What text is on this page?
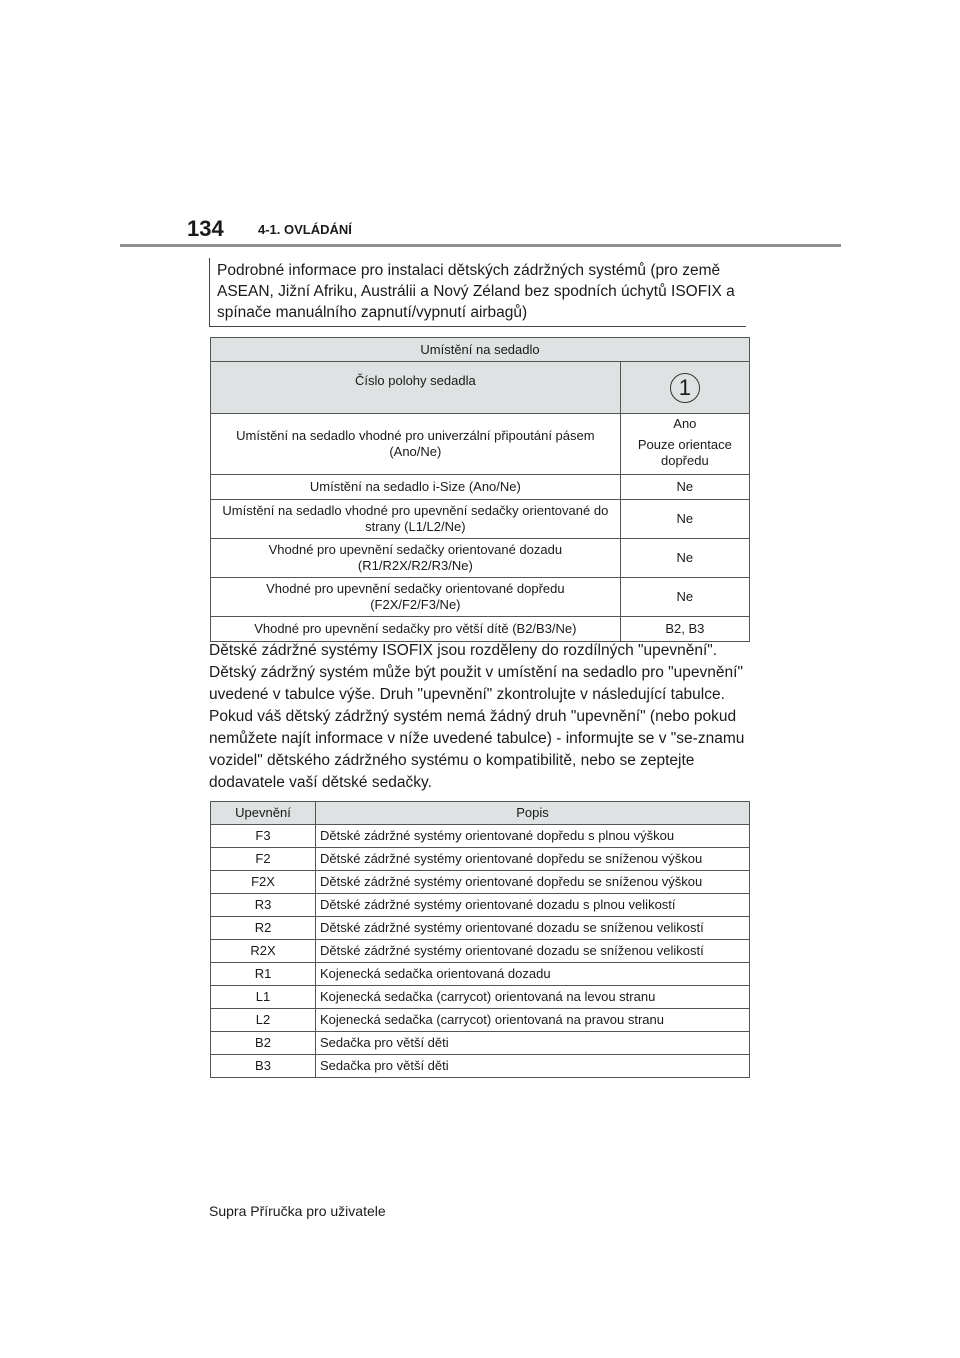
134	4-1. OVLÁDÁNÍ
Podrobné informace pro instalaci dětských zádržných systémů (pro země ASEAN, Jižní Afriku, Austrálii a Nový Zéland bez spodních úchytů ISOFIX a spínače manuálního zapnutí/vypnutí airbagů)
Umístění na sedadlo	
Číslo polohy sedadla	1
Umístění na sedadlo vhodné pro univerzální připoutání pásem (Ano/Ne)	Ano
Pouze orientace dopředu

Umístění na sedadlo i-Size (Ano/Ne)	Ne
Umístění na sedadlo vhodné pro upevnění sedačky orientované do strany (L1/L2/Ne)	Ne
Vhodné pro upevnění sedačky orientované dozadu (R1/R2X/R2/R3/Ne)	Ne
Vhodné pro upevnění sedačky orientované dopředu (F2X/F2/F3/Ne)	Ne
Vhodné pro upevnění sedačky pro větší dítě (B2/B3/Ne)	B2, B3

Dětské zádržné systémy ISOFIX jsou rozděleny do rozdílných "upevnění". Dětský zádržný systém může být použit v umístění na sedadlo pro "upevnění" uvedené v tabulce výše. Druh "upevnění" zkontrolujte v následující tabulce. Pokud váš dětský zádržný systém nemá žádný druh "upevnění" (nebo pokud nemůžete najít informace v níže uvedené tabulce) - informujte se v "se-znamu vozidel" dětského zádržného systému o kompatibilitě, nebo se zeptejte dodavatele vaší dětské sedačky.

Upevnění	Popis
F3	Dětské zádržné systémy orientované dopředu s plnou výškou
F2	Dětské zádržné systémy orientované dopředu se sníženou výškou
F2X	Dětské zádržné systémy orientované dopředu se sníženou výškou
R3	Dětské zádržné systémy orientované dozadu s plnou velikostí
R2	Dětské zádržné systémy orientované dozadu se sníženou velikostí
R2X	Dětské zádržné systémy orientované dozadu se sníženou velikostí
R1	Kojenecká sedačka orientovaná dozadu
L1	Kojenecká sedačka (carrycot) orientovaná na levou stranu
L2	Kojenecká sedačka (carrycot) orientovaná na pravou stranu
B2	Sedačka pro větší děti
B3	Sedačka pro větší děti
Supra Příručka pro uživatele
